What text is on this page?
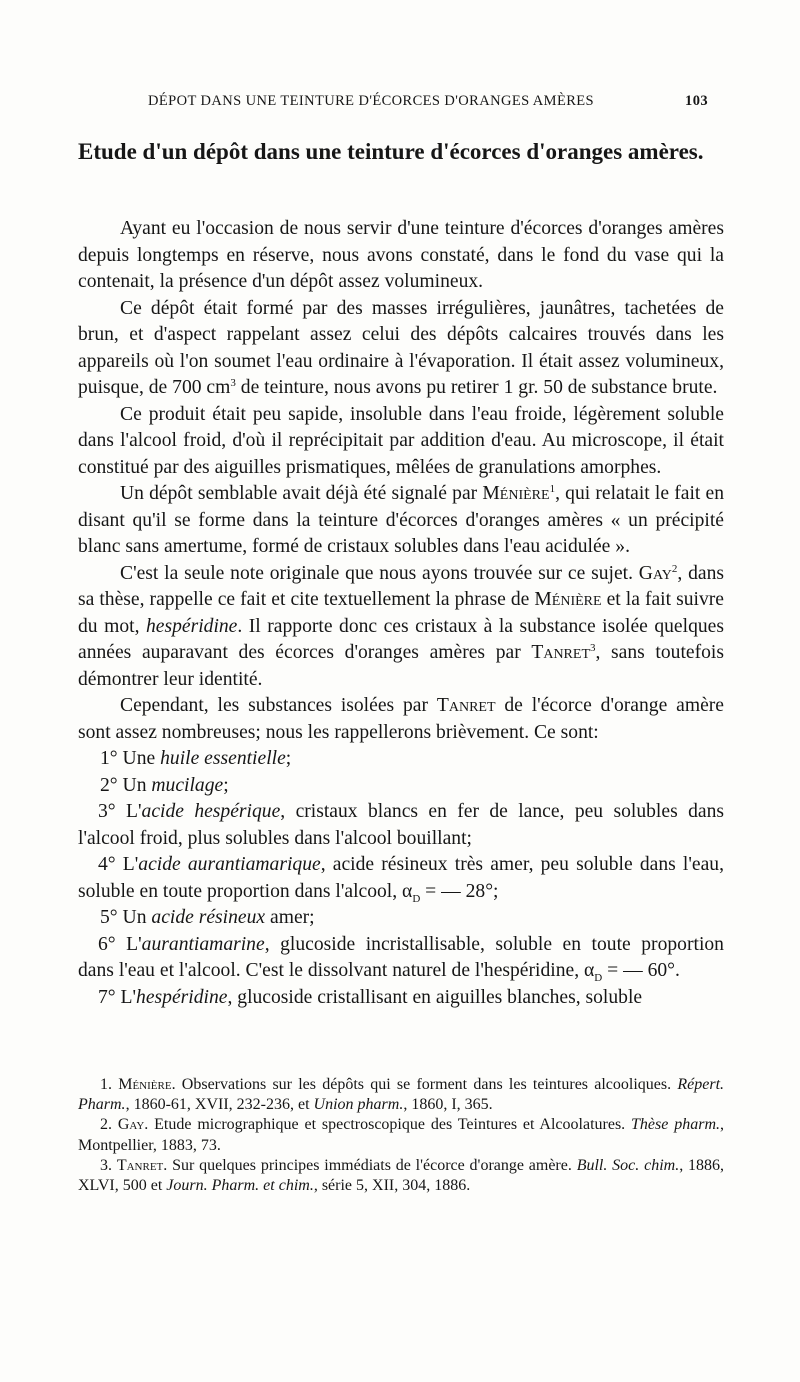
DÉPOT DANS UNE TEINTURE D'ÉCORCES D'ORANGES AMÈRES	103
Etude d'un dépôt dans une teinture d'écorces d'oranges amères.

Ayant eu l'occasion de nous servir d'une teinture d'écorces d'oranges amères depuis longtemps en réserve, nous avons constaté, dans le fond du vase qui la contenait, la présence d'un dépôt assez volumineux.

Ce dépôt était formé par des masses irrégulières, jaunâtres, tachetées de brun, et d'aspect rappelant assez celui des dépôts calcaires trouvés dans les appareils où l'on soumet l'eau ordinaire à l'évaporation. Il était assez volumineux, puisque, de 700 $cm^3$ de teinture, nous avons pu retirer 1 gr. 50 de substance brute.

Ce produit était peu sapide, insoluble dans l'eau froide, légèrement soluble dans l'alcool froid, d'où il reprécipitait par addition d'eau. Au microscope, il était constitué par des aiguilles prismatiques, mêlées de granulations amorphes.

Un dépôt semblable avait déjà été signalé par Ménière$^1$, qui relatait le fait en disant qu'il se forme dans la teinture d'écorces d'oranges amères « un précipité blanc sans amertume, formé de cristaux solubles dans l'eau acidulée ».

C'est la seule note originale que nous ayons trouvée sur ce sujet. Gay$^2$, dans sa thèse, rappelle ce fait et cite textuellement la phrase de Ménière et la fait suivre du mot, hespéridine. Il rapporte donc ces cristaux à la substance isolée quelques années auparavant des écorces d'oranges amères par Tanret$^3$, sans toutefois démontrer leur identité.

Cependant, les substances isolées par Tanret de l'écorce d'orange amère sont assez nombreuses; nous les rappellerons brièvement. Ce sont:

1° Une huile essentielle;

2° Un mucilage;

3° L'acide hespérique, cristaux blancs en fer de lance, peu solubles dans l'alcool froid, plus solubles dans l'alcool bouillant;

4° L'acide aurantiamarique, acide résineux très amer, peu soluble dans l'eau, soluble en toute proportion dans l'alcool, $\alpha_D$ = — 28°;

5° Un acide résineux amer;

6° L'aurantiamarine, glucoside incristallisable, soluble en toute proportion dans l'eau et l'alcool. C'est le dissolvant naturel de l'hespéridine, $\alpha_D$ = — 60°.

7° L'hespéridine, glucoside cristallisant en aiguilles blanches, soluble

1. Ménière. Observations sur les dépôts qui se forment dans les teintures alcooliques. Répert. Pharm., 1860-61, XVII, 232-236, et Union pharm., 1860, I, 365.

2. Gay. Etude micrographique et spectroscopique des Teintures et Alcoolatures. Thèse pharm., Montpellier, 1883, 73.

3. Tanret. Sur quelques principes immédiats de l'écorce d'orange amère. Bull. Soc. chim., 1886, XLVI, 500 et Journ. Pharm. et chim., série 5, XII, 304, 1886.
